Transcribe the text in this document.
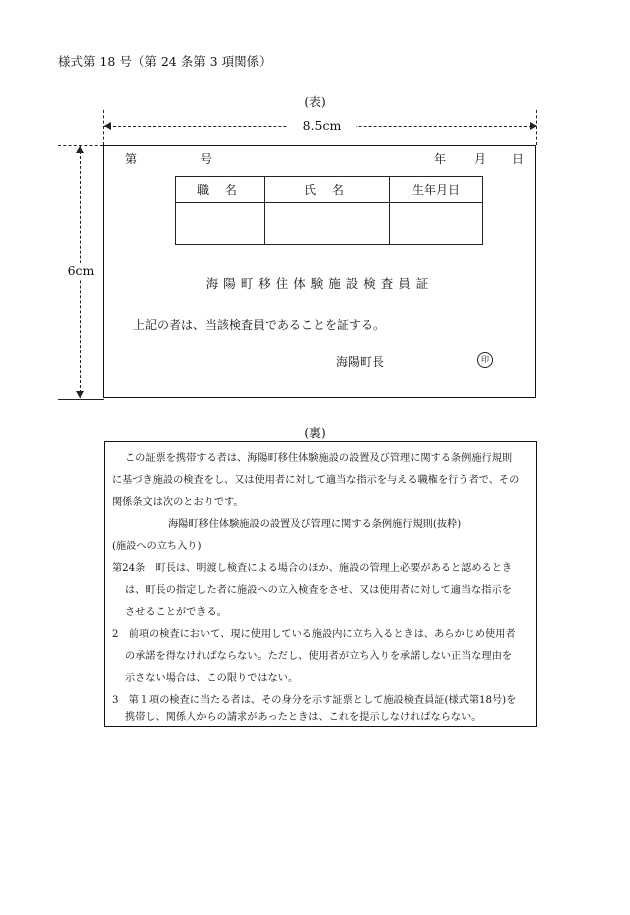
様式第 18 号（第 24 条第 3 項関係）
(表)
8.5cm
6cm
第	号	年 月 日
職 名	氏 名	生年月日

海陽町移住体験施設検査員証
上記の者は、当該検査員であることを証する。
海陽町長	印
(裏)
この証票を携帯する者は、海陽町移住体験施設の設置及び管理に関する条例施行規則
に基づき施設の検査をし、又は使用者に対して適当な指示を与える職権を行う者で、その
関係条文は次のとおりです。
海陽町移住体験施設の設置及び管理に関する条例施行規則(抜粋)
(施設への立ち入り)
第24条　町長は、明渡し検査による場合のほか、施設の管理上必要があると認めるとき
は、町長の指定した者に施設への立入検査をさせ、又は使用者に対して適当な指示を
させることができる。
2　前項の検査において、現に使用している施設内に立ち入るときは、あらかじめ使用者
の承諾を得なければならない。ただし、使用者が立ち入りを承諾しない正当な理由を
示さない場合は、この限りではない。
3　第１項の検査に当たる者は、その身分を示す証票として施設検査員証(様式第18号)を
携帯し、関係人からの請求があったときは、これを提示しなければならない。
